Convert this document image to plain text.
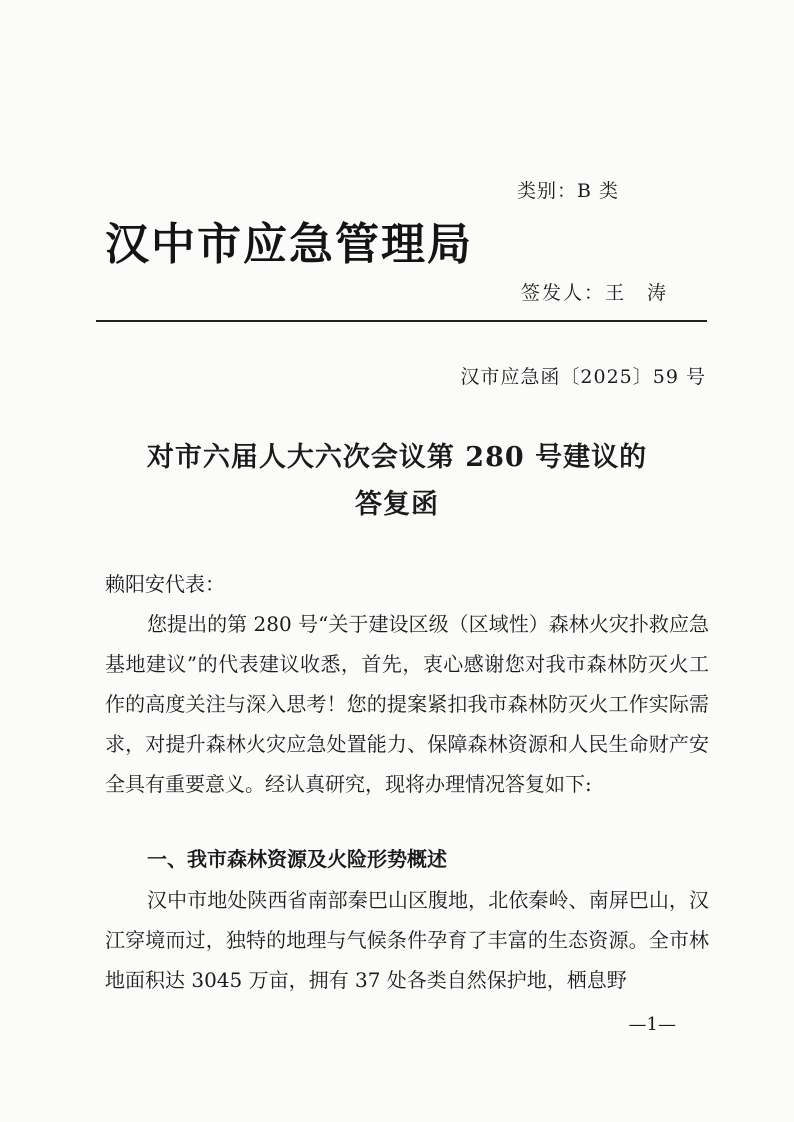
类别：B 类
汉中市应急管理局
签发人：王　涛
汉市应急函〔2025〕59 号
对市六届人大六次会议第 280 号建议的
答复函
赖阳安代表：
您提出的第 280 号“关于建设区级（区域性）森林火灾扑救应急基地建议”的代表建议收悉，首先，衷心感谢您对我市森林防灭火工作的高度关注与深入思考！您的提案紧扣我市森林防灭火工作实际需求，对提升森林火灾应急处置能力、保障森林资源和人民生命财产安全具有重要意义。经认真研究，现将办理情况答复如下:
一、我市森林资源及火险形势概述
汉中市地处陕西省南部秦巴山区腹地，北依秦岭、南屏巴山，汉江穿境而过，独特的地理与气候条件孕育了丰富的生态资源。全市林地面积达 3045 万亩，拥有 37 处各类自然保护地，栖息野
—1—
